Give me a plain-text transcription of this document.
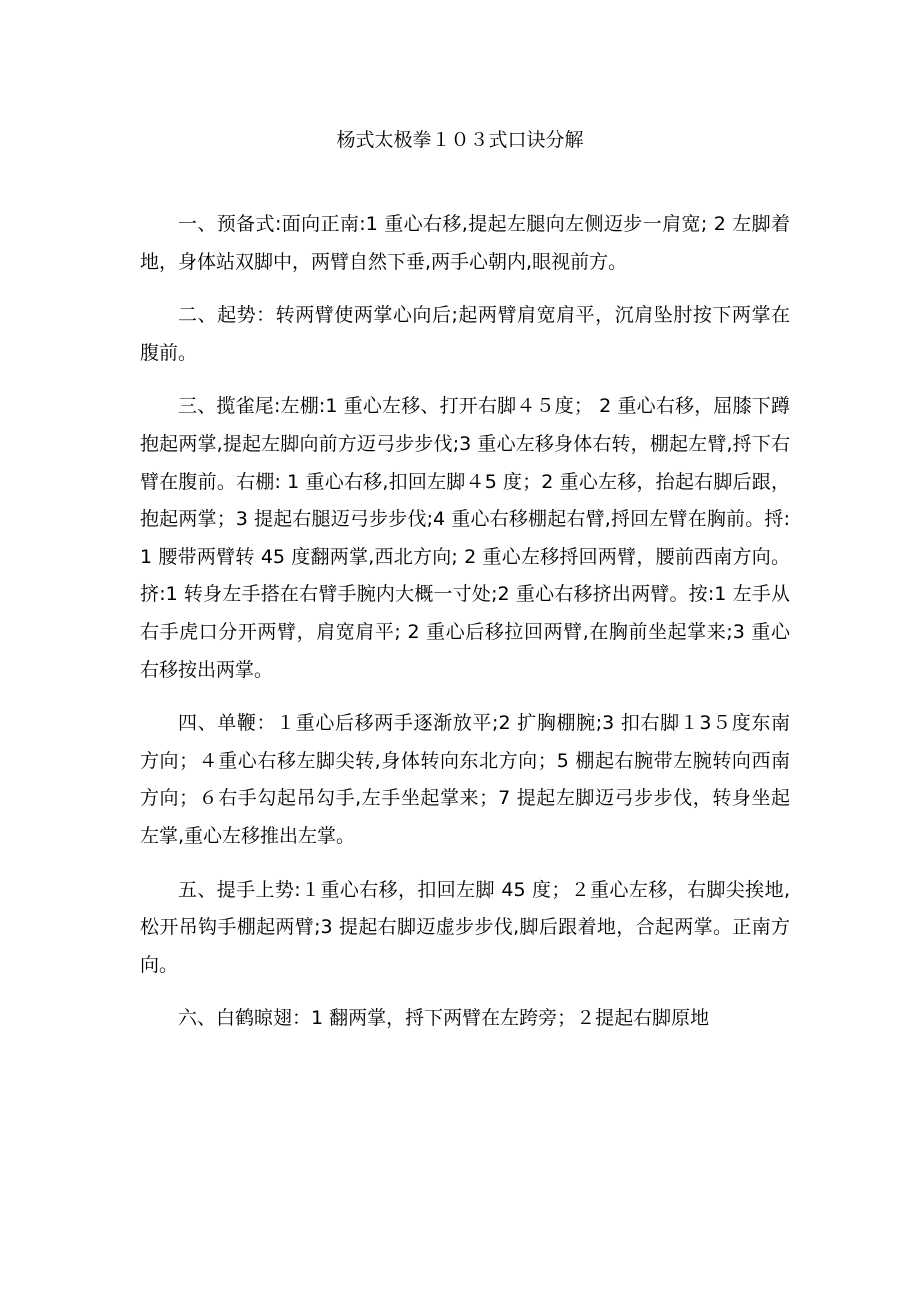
杨式太极拳１０３式口诀分解

一、预备式:面向正南:1 重心右移,提起左腿向左侧迈步一肩宽; 2 左脚着地，身体站双脚中，两臂自然下垂,两手心朝内,眼视前方。

二、起势：转两臂使两掌心向后;起两臂肩宽肩平，沉肩坠肘按下两掌在腹前。

三、揽雀尾:左棚:1 重心左移、打开右脚４５度； 2 重心右移，屈膝下蹲抱起两掌,提起左脚向前方迈弓步步伐;3 重心左移身体右转，棚起左臂,捋下右臂在腹前。右棚: 1 重心右移,扣回左脚４5 度；2 重心左移，抬起右脚后跟，抱起两掌；3 提起右腿迈弓步步伐;4 重心右移棚起右臂,捋回左臂在胸前。捋:1 腰带两臂转 45 度翻两掌,西北方向; 2 重心左移捋回两臂，腰前西南方向。挤:1 转身左手搭在右臂手腕内大概一寸处;2 重心右移挤出两臂。按:1 左手从右手虎口分开两臂，肩宽肩平; 2 重心后移拉回两臂,在胸前坐起掌来;3 重心右移按出两掌。

四、单鞭：１重心后移两手逐渐放平;2 扩胸棚腕;3 扣右脚１3５度东南方向；４重心右移左脚尖转,身体转向东北方向；5 棚起右腕带左腕转向西南方向；６右手勾起吊勾手,左手坐起掌来；7 提起左脚迈弓步步伐，转身坐起左掌,重心左移推出左掌。

五、提手上势:１重心右移，扣回左脚 45 度；２重心左移，右脚尖挨地,松开吊钩手棚起两臂;3 提起右脚迈虚步步伐,脚后跟着地，合起两掌。正南方向。

六、白鹤晾翅：1 翻两掌，捋下两臂在左跨旁；２提起右脚原地
